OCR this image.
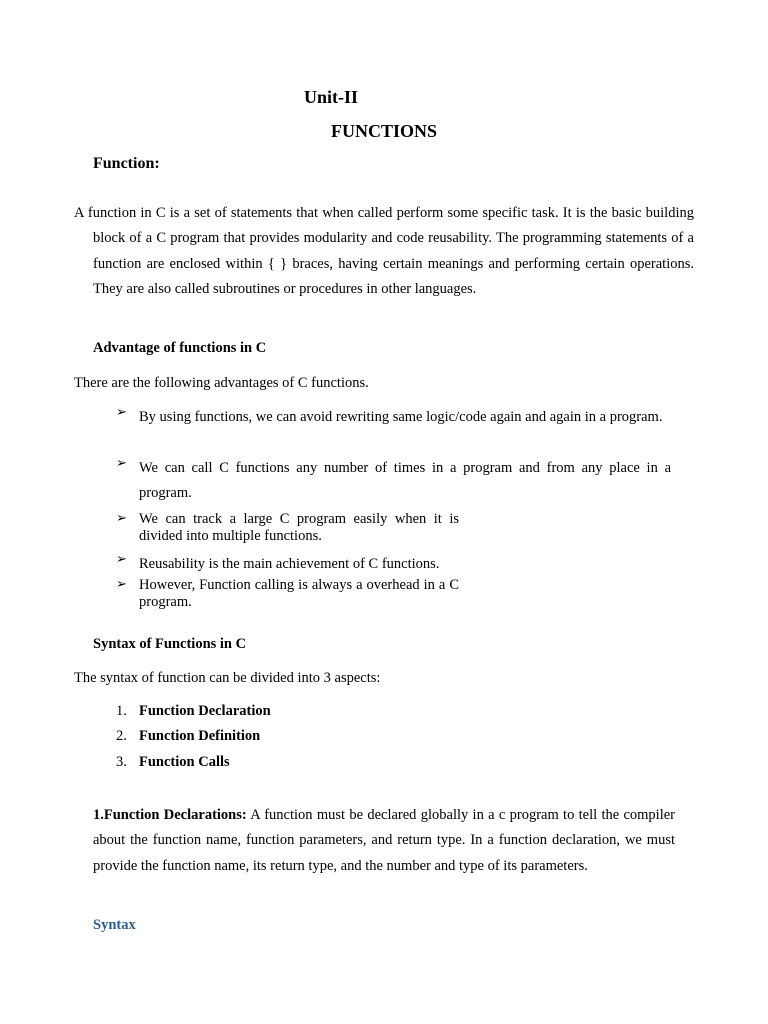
Unit-II
FUNCTIONS
Function:

A function in C is a set of statements that when called perform some specific task. It is the basic building block of a C program that provides modularity and code reusability. The programming statements of a function are enclosed within { } braces, having certain meanings and performing certain operations. They are also called subroutines or procedures in other languages.

Advantage of functions in C

There are the following advantages of C functions.

➢ By using functions, we can avoid rewriting same logic/code again and again in a program.
➢ We can call C functions any number of times in a program and from any place in a program.
➢ We can track a large C program easily when it is divided into multiple functions.
➢ Reusability is the main achievement of C functions.
➢ However, Function calling is always a overhead in a C program.
Syntax of Functions in C

The syntax of function can be divided into 3 aspects:

1. Function Declaration
2. Function Definition
3. Function Calls

1.Function Declarations: A function must be declared globally in a c program to tell the compiler about the function name, function parameters, and return type. In a function declaration, we must provide the function name, its return type, and the number and type of its parameters.

Syntax
